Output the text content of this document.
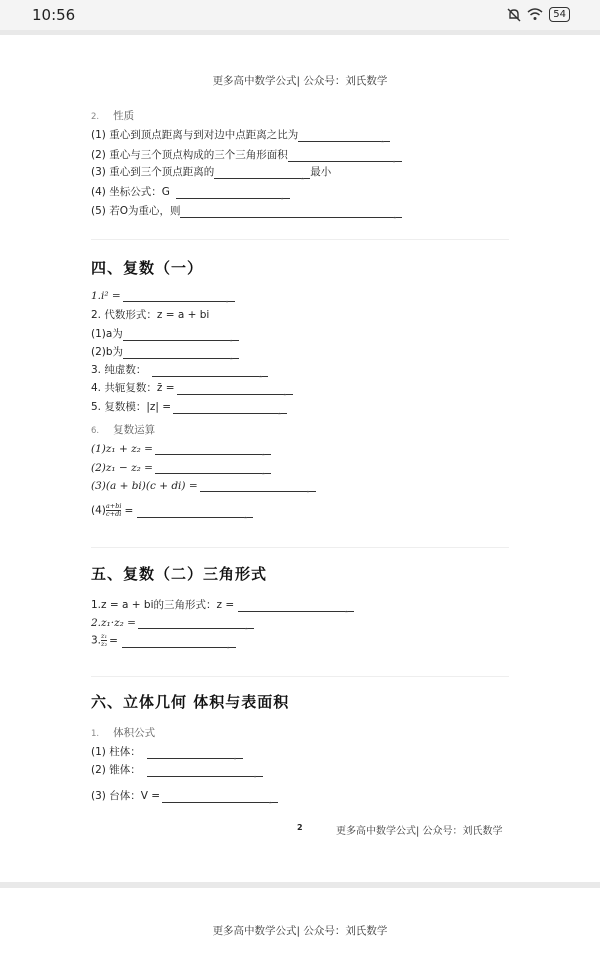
10:56	54
更多高中数学公式| 公众号：刘氏数学
2. 性质
(1) 重心到顶点距离与到对边中点距离之比为。
(2) 重心与三个顶点构成的三个三角形面积。
(3) 重心到三个顶点距离的。	最小
(4) 坐标公式：G。
(5) 若O为重心，则。
四、复数（一）
1.i² =。
2. 代数形式：z = a + bi
(1)a为。
(2)b为。
3. 纯虚数：。
4. 共轭复数：z̄ =。
5. 复数模：|z| =。
6. 复数运算
(1)z₁ + z₂ =。
(2)z₁ − z₂ =。
(3)(a + bi)(c + di) =。
$(4) \frac{a+bi}{c+di}$ =。
五、复数（二）三角形式
1.z = a + bi的三角形式：z =。
2.z₁·z₂ =。
3. $\frac{\text{z₁}}{\text{z₂}}$ =。
六、立体几何 体积与表面积
1. 体积公式
(1) 柱体：。
(2) 锥体：。
(3) 台体：V =。
2	更多高中数学公式| 公众号：刘氏数学
更多高中数学公式| 公众号：刘氏数学
